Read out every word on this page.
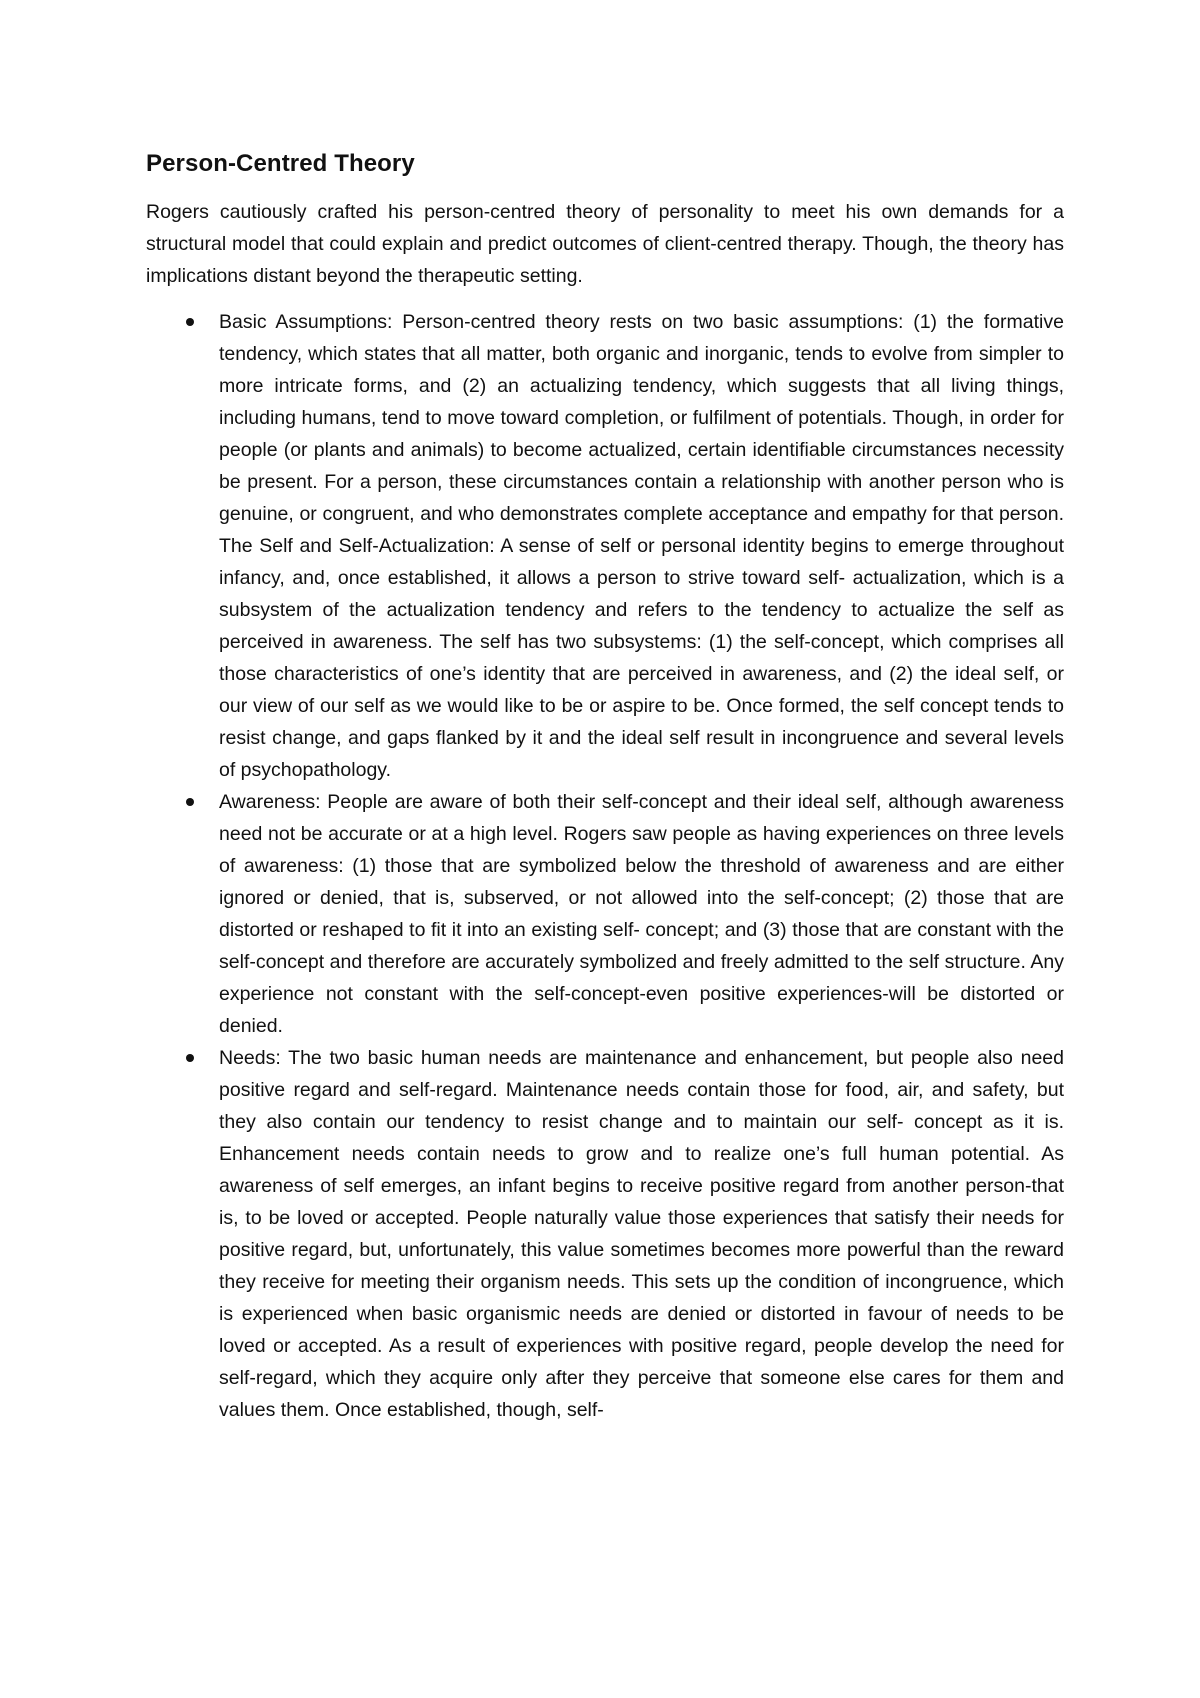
Person-Centred Theory

Rogers cautiously crafted his person-centred theory of personality to meet his own demands for a structural model that could explain and predict outcomes of client-centred therapy. Though, the theory has implications distant beyond the therapeutic setting.

Basic Assumptions: Person-centred theory rests on two basic assumptions: (1) the formative tendency, which states that all matter, both organic and inorganic, tends to evolve from simpler to more intricate forms, and (2) an actualizing tendency, which suggests that all living things, including humans, tend to move toward completion, or fulfilment of potentials. Though, in order for people (or plants and animals) to become actualized, certain identifiable circumstances necessity be present. For a person, these circumstances contain a relationship with another person who is genuine, or congruent, and who demonstrates complete acceptance and empathy for that person. The Self and Self-Actualization: A sense of self or personal identity begins to emerge throughout infancy, and, once established, it allows a person to strive toward self- actualization, which is a subsystem of the actualization tendency and refers to the tendency to actualize the self as perceived in awareness. The self has two subsystems: (1) the self-concept, which comprises all those characteristics of one’s identity that are perceived in awareness, and (2) the ideal self, or our view of our self as we would like to be or aspire to be. Once formed, the self concept tends to resist change, and gaps flanked by it and the ideal self result in incongruence and several levels of psychopathology.
Awareness: People are aware of both their self-concept and their ideal self, although awareness need not be accurate or at a high level. Rogers saw people as having experiences on three levels of awareness: (1) those that are symbolized below the threshold of awareness and are either ignored or denied, that is, subserved, or not allowed into the self-concept; (2) those that are distorted or reshaped to fit it into an existing self- concept; and (3) those that are constant with the self-concept and therefore are accurately symbolized and freely admitted to the self structure. Any experience not constant with the self-concept-even positive experiences-will be distorted or denied.
Needs: The two basic human needs are maintenance and enhancement, but people also need positive regard and self-regard. Maintenance needs contain those for food, air, and safety, but they also contain our tendency to resist change and to maintain our self- concept as it is. Enhancement needs contain needs to grow and to realize one’s full human potential. As awareness of self emerges, an infant begins to receive positive regard from another person-that is, to be loved or accepted. People naturally value those experiences that satisfy their needs for positive regard, but, unfortunately, this value sometimes becomes more powerful than the reward they receive for meeting their organism needs. This sets up the condition of incongruence, which is experienced when basic organismic needs are denied or distorted in favour of needs to be loved or accepted. As a result of experiences with positive regard, people develop the need for self-regard, which they acquire only after they perceive that someone else cares for them and values them. Once established, though, self-
